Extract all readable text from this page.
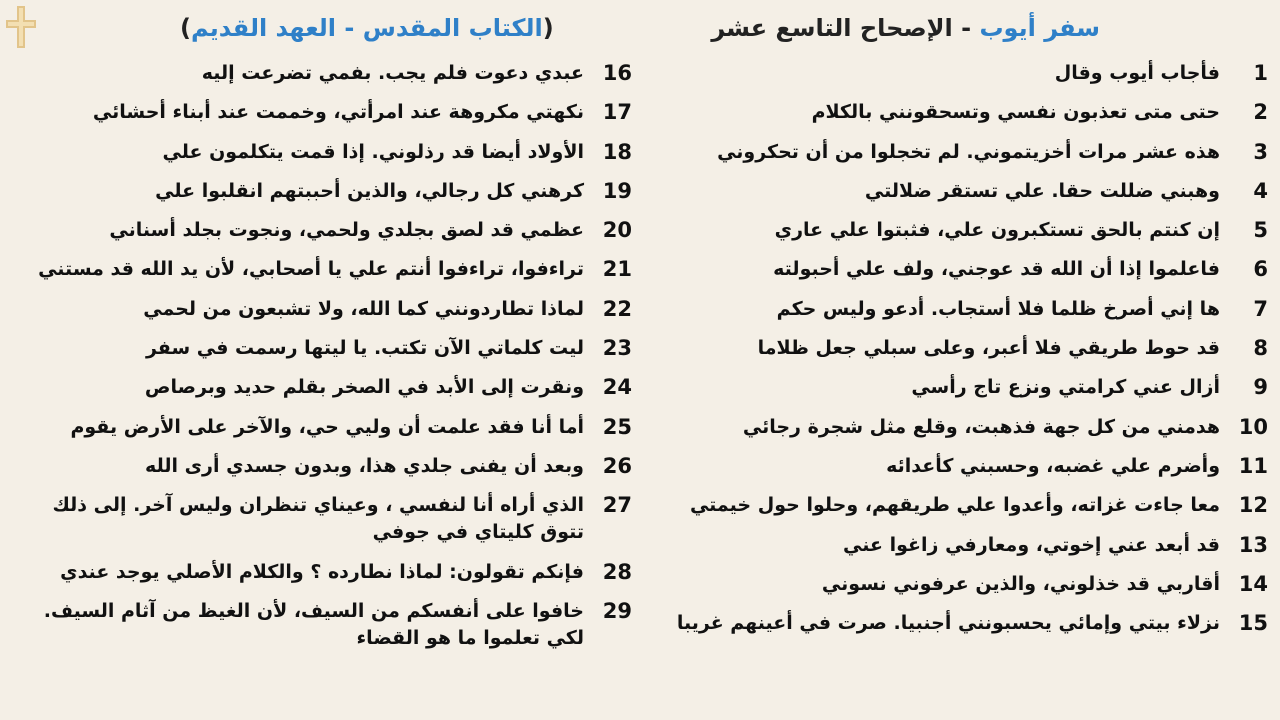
(الكتاب المقدس - العهد القديم)	سفر أيوب - الإصحاح التاسع عشر
1
فأجاب أيوب وقال
2
حتى متى تعذبون نفسي وتسحقونني بالكلام
3
هذه عشر مرات أخزيتموني. لم تخجلوا من أن تحكروني
4
وهبني ضللت حقا. علي تستقر ضلالتي
5
إن كنتم بالحق تستكبرون علي، فثبتوا علي عاري
6
فاعلموا إذا أن الله قد عوجني، ولف علي أحبولته
7
ها إني أصرخ ظلما فلا أستجاب. أدعو وليس حكم
8
قد حوط طريقي فلا أعبر، وعلى سبلي جعل ظلاما
9
أزال عني كرامتي ونزع تاج رأسي
10
هدمني من كل جهة فذهبت، وقلع مثل شجرة رجائي
11
وأضرم علي غضبه، وحسبني كأعدائه
12
معا جاءت غزاته، وأعدوا علي طريقهم، وحلوا حول خيمتي
13
قد أبعد عني إخوتي، ومعارفي زاغوا عني
14
أقاربي قد خذلوني، والذين عرفوني نسوني
15
نزلاء بيتي وإمائي يحسبونني أجنبيا. صرت في أعينهم غريبا
16
عبدي دعوت فلم يجب. بفمي تضرعت إليه
17
نكهتي مكروهة عند امرأتي، وخممت عند أبناء أحشائي
18
الأولاد أيضا قد رذلوني. إذا قمت يتكلمون علي
19
كرهني كل رجالي، والذين أحببتهم انقلبوا علي
20
عظمي قد لصق بجلدي ولحمي، ونجوت بجلد أسناني
21
تراءفوا، تراءفوا أنتم علي يا أصحابي، لأن يد الله قد مستني
22
لماذا تطاردونني كما الله، ولا تشبعون من لحمي
23
ليت كلماتي الآن تكتب. يا ليتها رسمت في سفر
24
ونقرت إلى الأبد في الصخر بقلم حديد وبرصاص
25
أما أنا فقد علمت أن وليي حي، والآخر على الأرض يقوم
26
وبعد أن يفنى جلدي هذا، وبدون جسدي أرى الله
27
الذي أراه أنا لنفسي ، وعيناي تنظران وليس آخر. إلى ذلك تتوق كليتاي في جوفي
28
فإنكم تقولون: لماذا نطارده ؟ والكلام الأصلي يوجد عندي
29
خافوا على أنفسكم من السيف، لأن الغيظ من آثام السيف. لكي تعلموا ما هو القضاء
